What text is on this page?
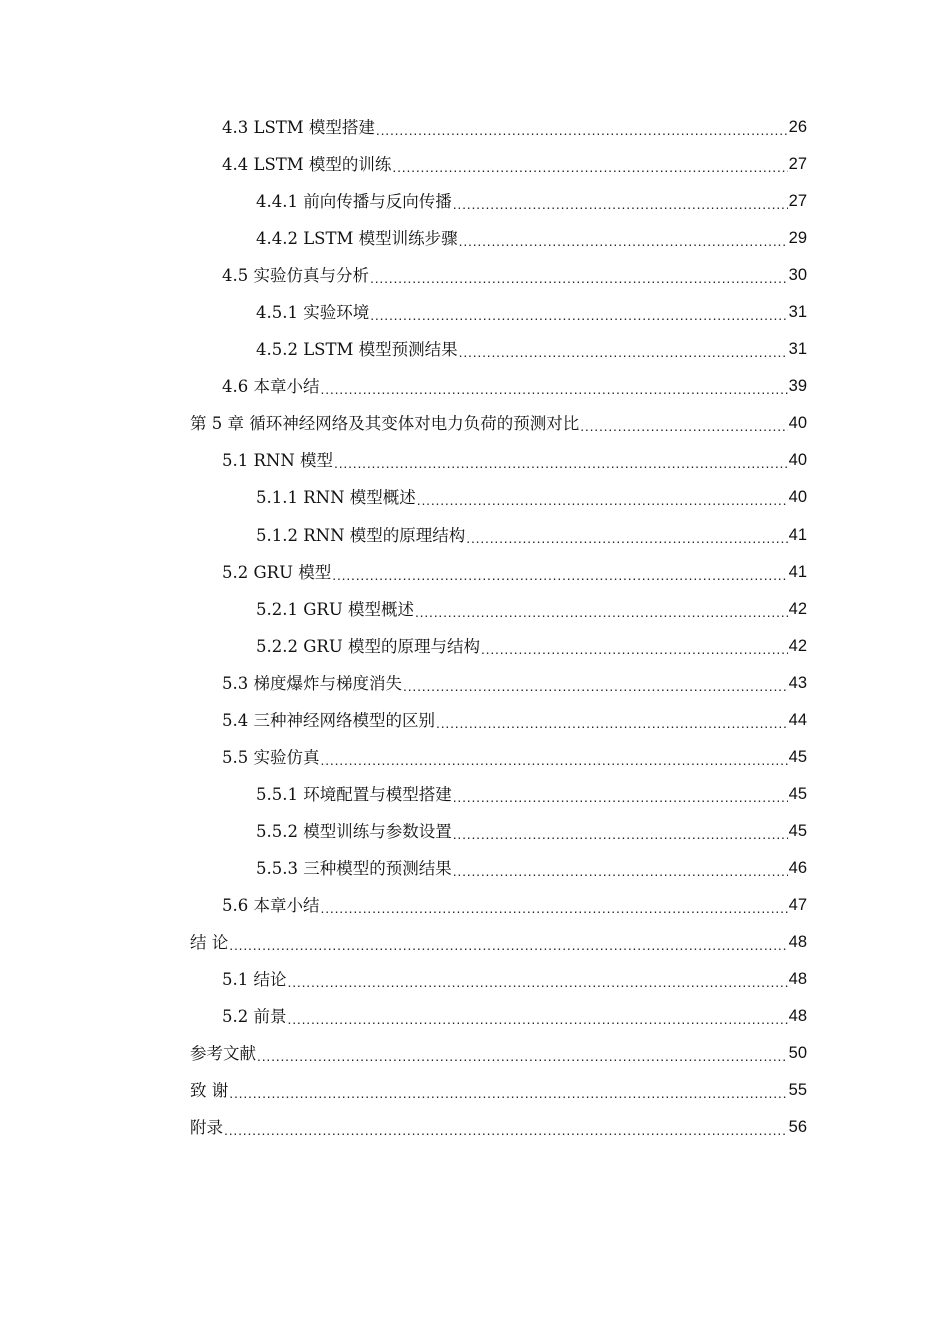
4.3 LSTM 模型搭建 .....	26
4.4 LSTM 模型的训练 .....	27
4.4.1 前向传播与反向传播 .....	27
4.4.2 LSTM 模型训练步骤 .....	29
4.5 实验仿真与分析 .....	30
4.5.1 实验环境 .....	31
4.5.2 LSTM 模型预测结果 .....	31
4.6 本章小结 .....	39
第 5 章 循环神经网络及其变体对电力负荷的预测对比 .....	40
5.1 RNN 模型 .....	40
5.1.1 RNN 模型概述 .....	40
5.1.2 RNN 模型的原理结构 .....	41
5.2 GRU 模型 .....	41
5.2.1 GRU 模型概述 .....	42
5.2.2 GRU 模型的原理与结构 .....	42
5.3 梯度爆炸与梯度消失 .....	43
5.4 三种神经网络模型的区别 .....	44
5.5 实验仿真 .....	45
5.5.1 环境配置与模型搭建 .....	45
5.5.2 模型训练与参数设置 .....	45
5.5.3 三种模型的预测结果 .....	46
5.6 本章小结 .....	47
结 论 .....	48
5.1 结论 .....	48
5.2 前景 .....	48
参考文献 .....	50
致 谢 .....	55
附录 .....	56
